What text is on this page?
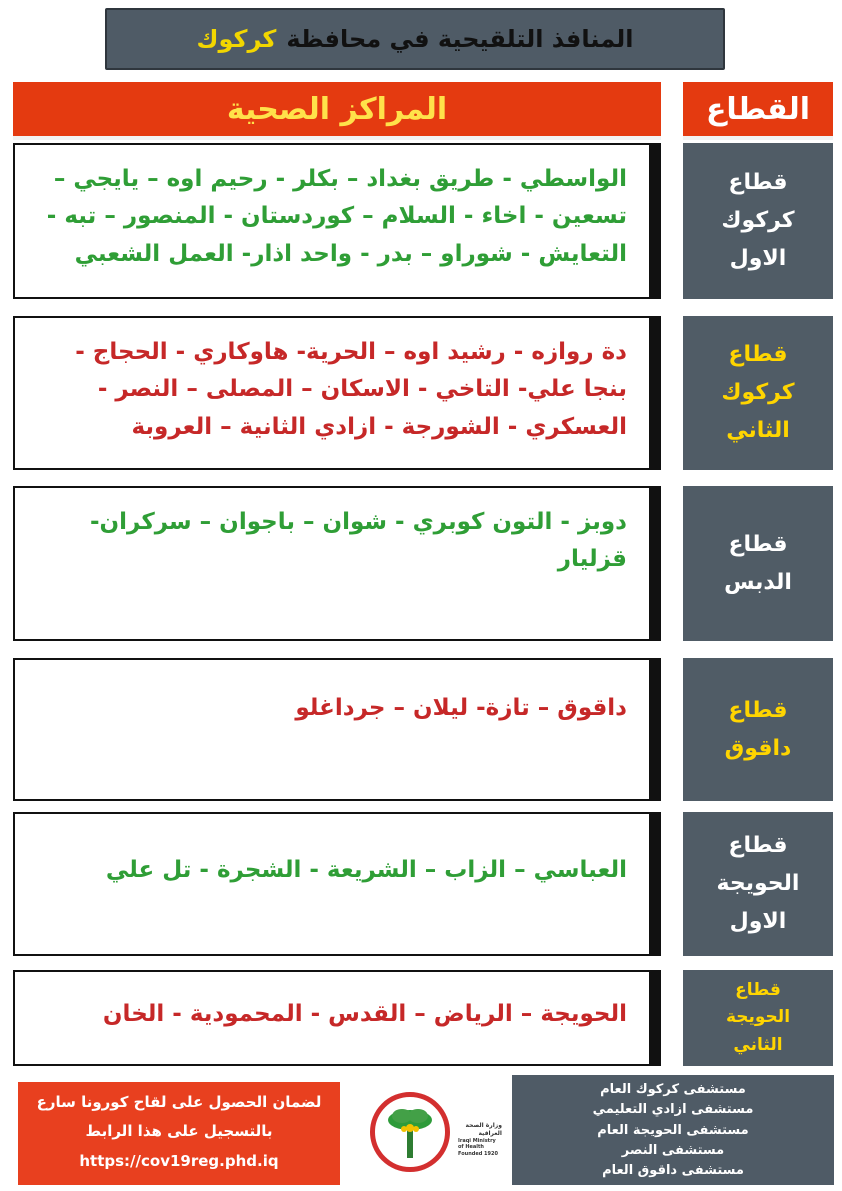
المنافذ التلقيحية في محافظة
كركوك
المراكز الصحية	القطاع
الواسطي - طريق بغداد – بكلر - رحيم اوه – يايجي – تسعين - اخاء - السلام – كوردستان - المنصور – تبه - التعايش - شوراو – بدر - واحد اذار- العمل الشعبي
قطاع
كركوك
الاول
دة روازه - رشيد اوه – الحرية- هاوكاري - الحجاج - بنجا علي- التاخي - الاسكان – المصلى – النصر - العسكري - الشورجة - ازادي الثانية – العروبة
قطاع
كركوك
الثاني
دوبز - التون كوبري - شوان – باجوان – سركران- قزليار
قطاع
الدبس
داقوق – تازة- ليلان – جرداغلو	قطاع
داقوق
العباسي – الزاب – الشريعة - الشجرة - تل علي
قطاع
الحويجة
الاول
الحويجة – الرياض – القدس - المحمودية - الخان
قطاع
الحويجة
الثاني
لضمان الحصول على لقاح كورونا سارع
بالتسجيل على هذا الرابط
https://cov19reg.phd.iq
وزارة الصحة العراقية
Iraqi Ministry of Health
Founded 1920
مستشفى كركوك العام
مستشفى ازادي التعليمي
مستشفى الحويجة العام
مستشفى النصر
مستشفى داقوق العام
